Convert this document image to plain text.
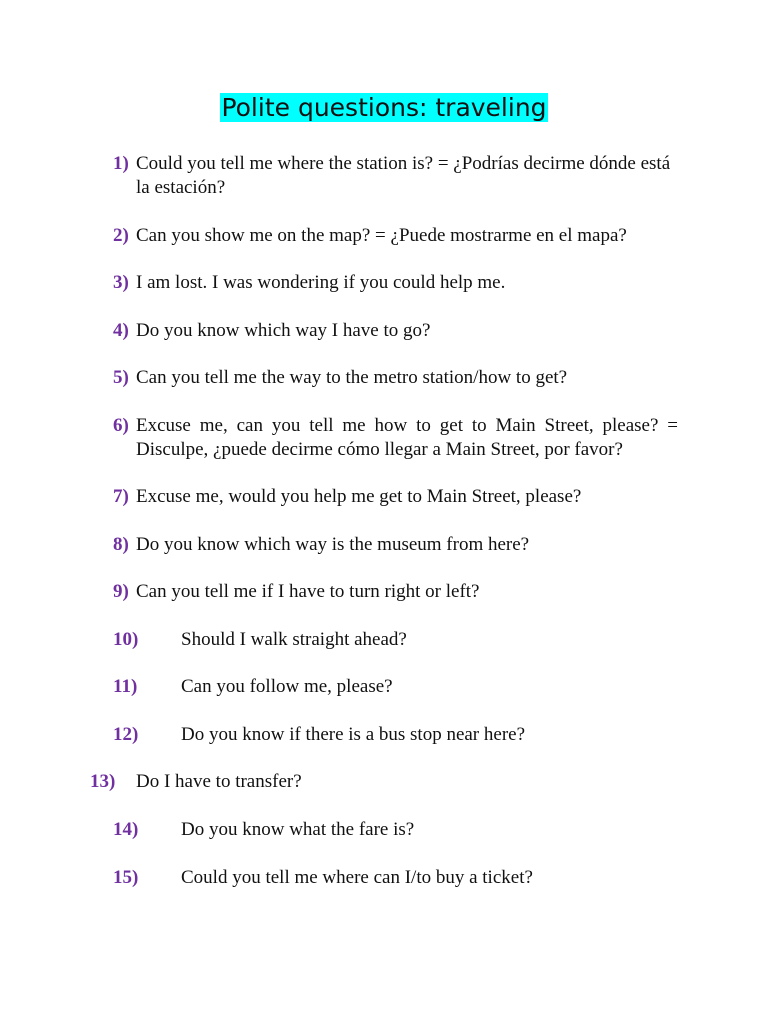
Polite questions: traveling
1) Could you tell me where the station is? = ¿Podrías decirme dónde está la estación?
2) Can you show me on the map? = ¿Puede mostrarme en el mapa?
3) I am lost. I was wondering if you could help me.
4) Do you know which way I have to go?
5) Can you tell me the way to the metro station/how to get?
6) Excuse me, can you tell me how to get to Main Street, please? = Disculpe, ¿puede decirme cómo llegar a Main Street, por favor?
7) Excuse me, would you help me get to Main Street, please?
8) Do you know which way is the museum from here?
9) Can you tell me if I have to turn right or left?
10) Should I walk straight ahead?
11) Can you follow me, please?
12) Do you know if there is a bus stop near here?
13) Do I have to transfer?
14) Do you know what the fare is?
15) Could you tell me where can I/to buy a ticket?
